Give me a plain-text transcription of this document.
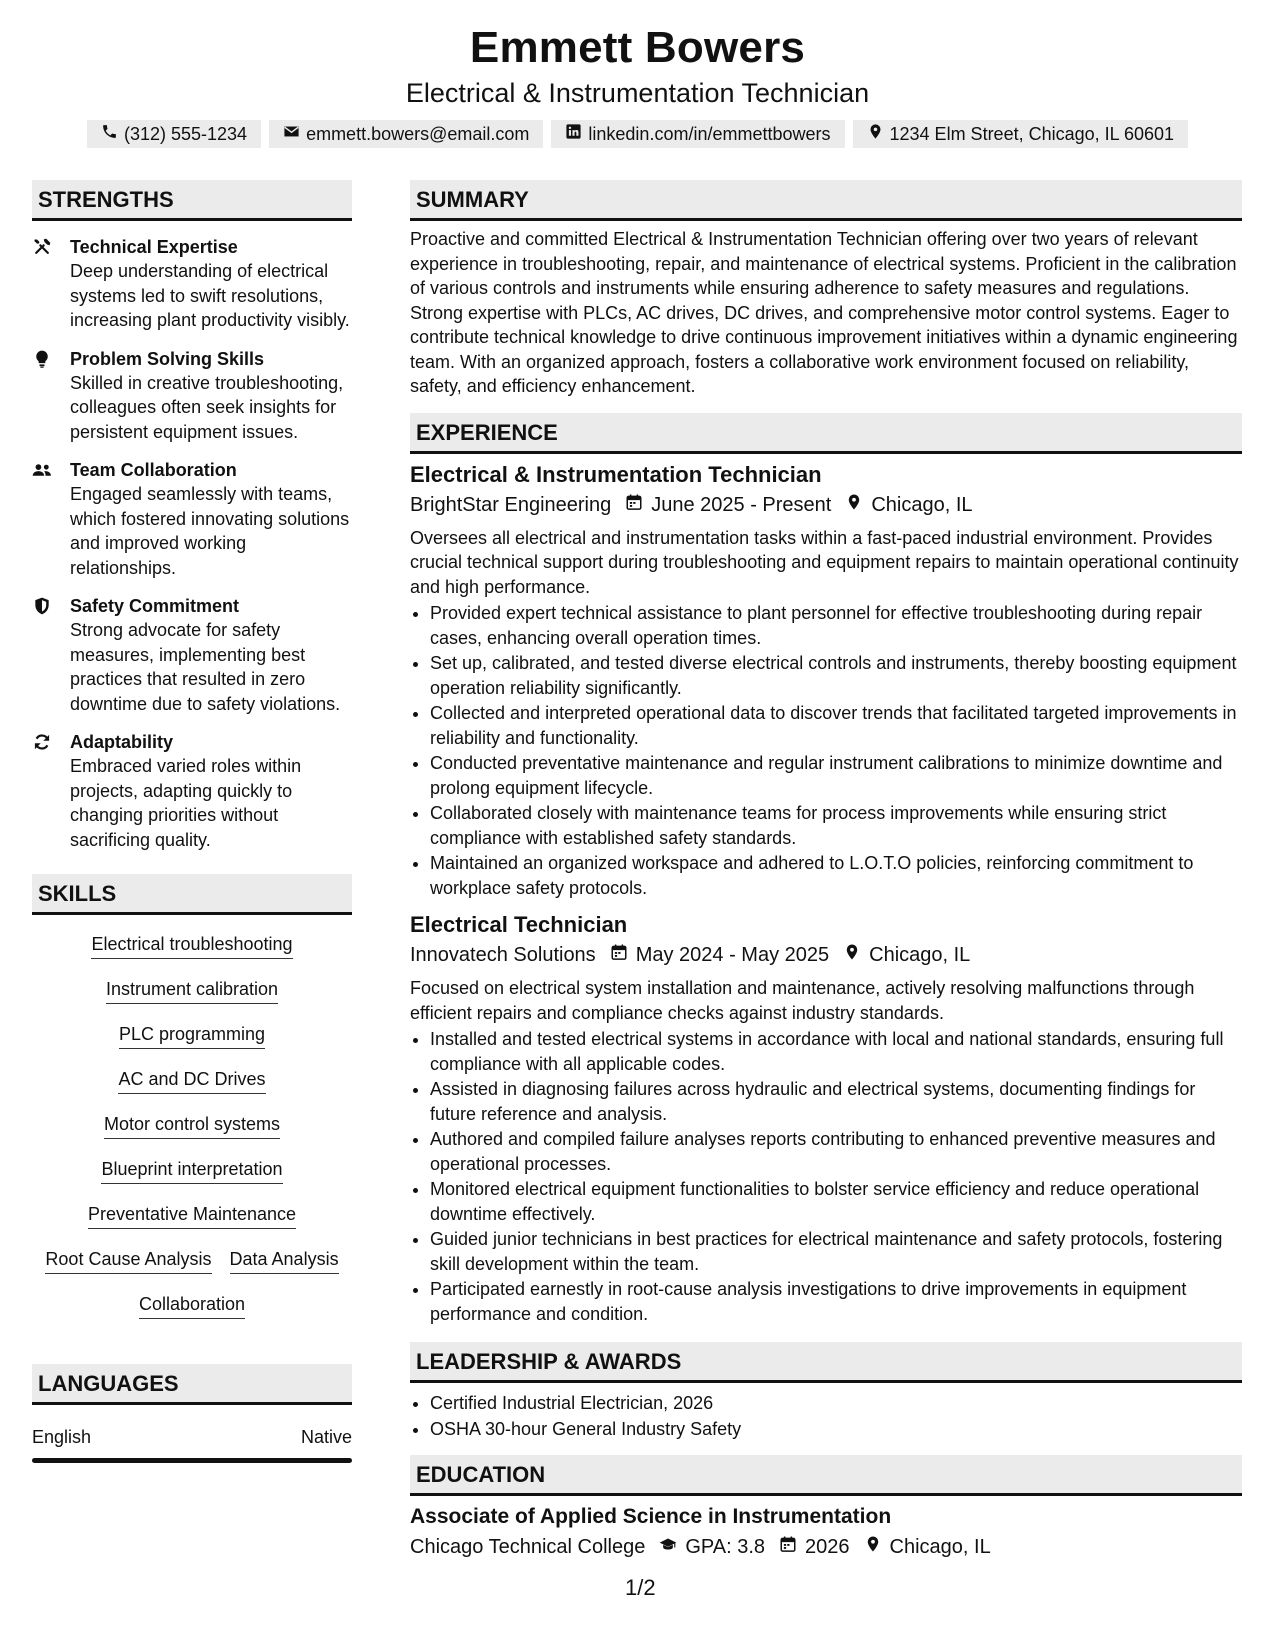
Emmett Bowers
Electrical & Instrumentation Technician
(312) 555-1234	emmett.bowers@email.com	linkedin.com/in/emmettbowers	1234 Elm Street, Chicago, IL 60601
STRENGTHS
Technical Expertise
Deep understanding of electrical systems led to swift resolutions, increasing plant productivity visibly.
Problem Solving Skills
Skilled in creative troubleshooting, colleagues often seek insights for persistent equipment issues.
Team Collaboration
Engaged seamlessly with teams, which fostered innovating solutions and improved working relationships.
Safety Commitment
Strong advocate for safety measures, implementing best practices that resulted in zero downtime due to safety violations.
Adaptability
Embraced varied roles within projects, adapting quickly to changing priorities without sacrificing quality.
SKILLS
Electrical troubleshooting
Instrument calibration
PLC programming
AC and DC Drives
Motor control systems
Blueprint interpretation
Preventative Maintenance
Root Cause Analysis Data Analysis
Collaboration
LANGUAGES
English	Native
SUMMARY
Proactive and committed Electrical & Instrumentation Technician offering over two years of relevant experience in troubleshooting, repair, and maintenance of electrical systems. Proficient in the calibration of various controls and instruments while ensuring adherence to safety measures and regulations. Strong expertise with PLCs, AC drives, DC drives, and comprehensive motor control systems. Eager to contribute technical knowledge to drive continuous improvement initiatives within a dynamic engineering team. With an organized approach, fosters a collaborative work environment focused on reliability, safety, and efficiency enhancement.
EXPERIENCE
Electrical & Instrumentation Technician
BrightStar Engineering June 2025 - Present Chicago, IL
Oversees all electrical and instrumentation tasks within a fast-paced industrial environment. Provides crucial technical support during troubleshooting and equipment repairs to maintain operational continuity and high performance.
• Provided expert technical assistance to plant personnel for effective troubleshooting during repair cases, enhancing overall operation times.
• Set up, calibrated, and tested diverse electrical controls and instruments, thereby boosting equipment operation reliability significantly.
• Collected and interpreted operational data to discover trends that facilitated targeted improvements in reliability and functionality.
• Conducted preventative maintenance and regular instrument calibrations to minimize downtime and prolong equipment lifecycle.
• Collaborated closely with maintenance teams for process improvements while ensuring strict compliance with established safety standards.
• Maintained an organized workspace and adhered to L.O.T.O policies, reinforcing commitment to workplace safety protocols.
Electrical Technician
Innovatech Solutions May 2024 - May 2025 Chicago, IL
Focused on electrical system installation and maintenance, actively resolving malfunctions through efficient repairs and compliance checks against industry standards.
• Installed and tested electrical systems in accordance with local and national standards, ensuring full compliance with all applicable codes.
• Assisted in diagnosing failures across hydraulic and electrical systems, documenting findings for future reference and analysis.
• Authored and compiled failure analyses reports contributing to enhanced preventive measures and operational processes.
• Monitored electrical equipment functionalities to bolster service efficiency and reduce operational downtime effectively.
• Guided junior technicians in best practices for electrical maintenance and safety protocols, fostering skill development within the team.
• Participated earnestly in root-cause analysis investigations to drive improvements in equipment performance and condition.
LEADERSHIP & AWARDS
• Certified Industrial Electrician, 2026
• OSHA 30-hour General Industry Safety
EDUCATION
Associate of Applied Science in Instrumentation
Chicago Technical College GPA: 3.8 2026 Chicago, IL
1/2
